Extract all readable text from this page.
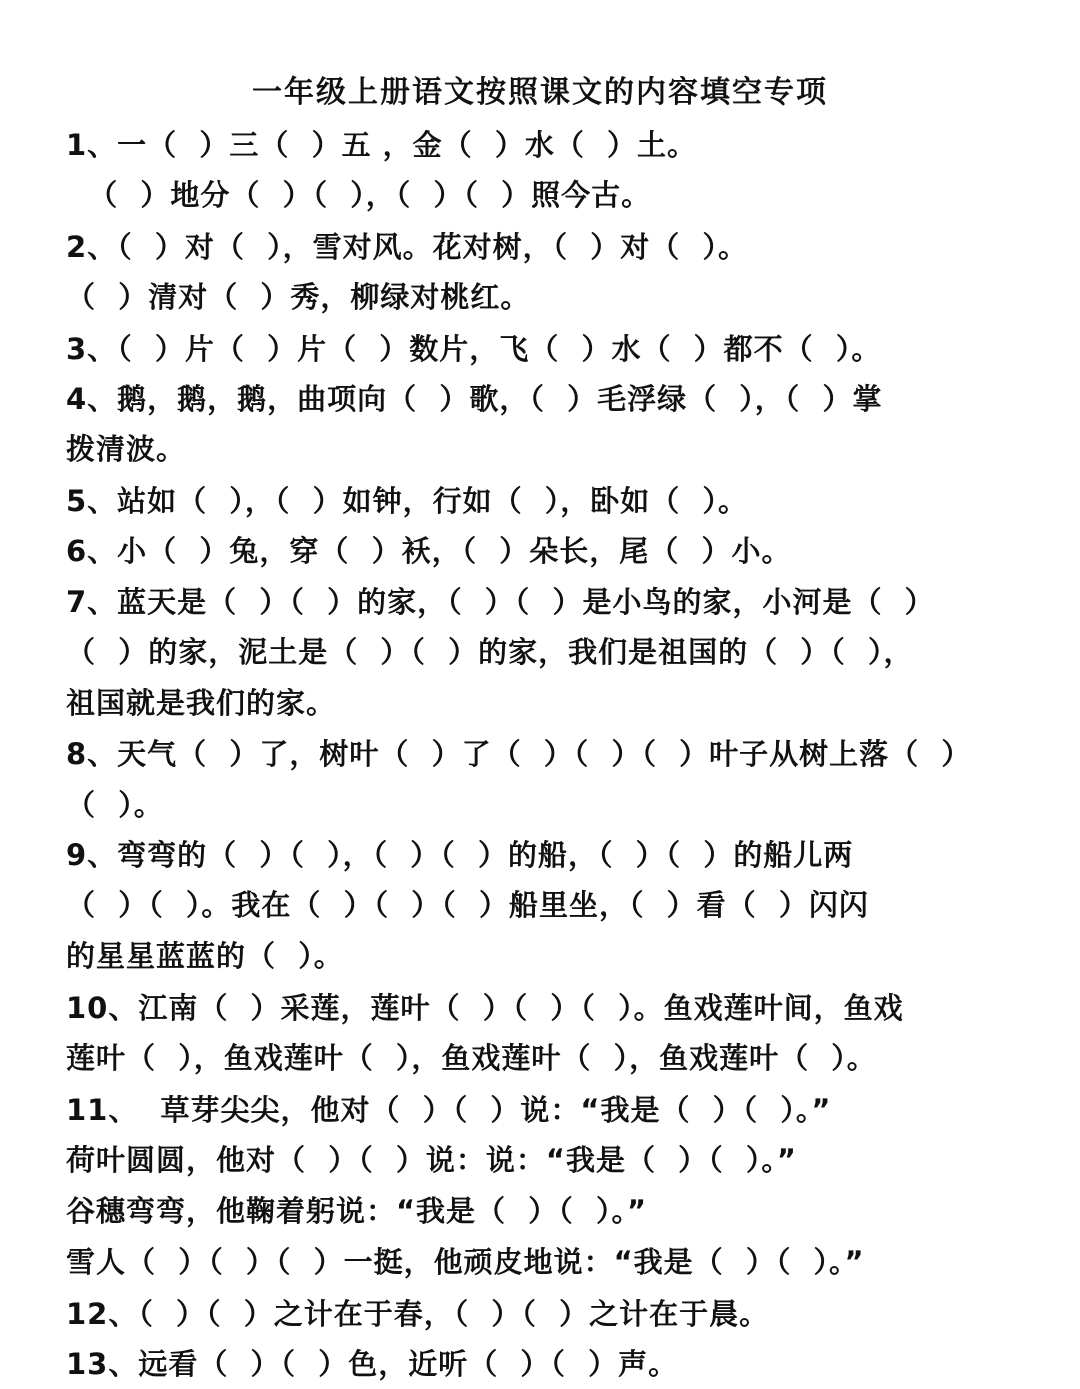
一年级上册语文按照课文的内容填空专项
1、一（  ）三（  ）五 ，金（  ）水（  ）土。
（  ）地分（  ）（  ），（  ）（  ）照今古。
2、（  ）对（  ），雪对风。花对树，（  ）对（  ）。
（  ）清对（  ）秀，柳绿对桃红。
3、（  ）片（  ）片（  ）数片，飞（  ）水（  ）都不（  ）。
4、鹅，鹅，鹅，曲项向（  ）歌，（  ）毛浮绿（  ），（  ）掌
拨清波。
5、站如（  ），（  ）如钟，行如（  ），卧如（  ）。
6、小（  ）兔，穿（  ）袄，（  ）朵长，尾（  ）小。
7、蓝天是（  ）（  ）的家，（  ）（  ）是小鸟的家，小河是（  ）
（  ）的家，泥土是（  ）（  ）的家，我们是祖国的（  ）（  ），
祖国就是我们的家。
8、天气（  ）了，树叶（  ）了（  ）（  ）（  ）叶子从树上落（  ）
（  ）。
9、弯弯的（  ）（  ），（  ）（  ）的船，（  ）（  ）的船儿两
（  ）（  ）。我在（  ）（  ）（  ）船里坐，（  ）看（  ）闪闪
的星星蓝蓝的（  ）。
10、江南（  ）采莲，莲叶（  ）（  ）（  ）。鱼戏莲叶间，鱼戏
莲叶（  ），鱼戏莲叶（  ），鱼戏莲叶（  ），鱼戏莲叶（  ）。
11、  草芽尖尖，他对（  ）（  ）说：“我是（  ）（  ）。”
荷叶圆圆，他对（  ）（  ）说：说：“我是（  ）（  ）。”
谷穗弯弯，他鞠着躬说：“我是（  ）（  ）。”
雪人（  ）（  ）（  ）一挺，他顽皮地说：“我是（  ）（  ）。”
12、（  ）（  ）之计在于春，（  ）（  ）之计在于晨。
13、远看（  ）（  ）色，近听（  ）（  ）声。
